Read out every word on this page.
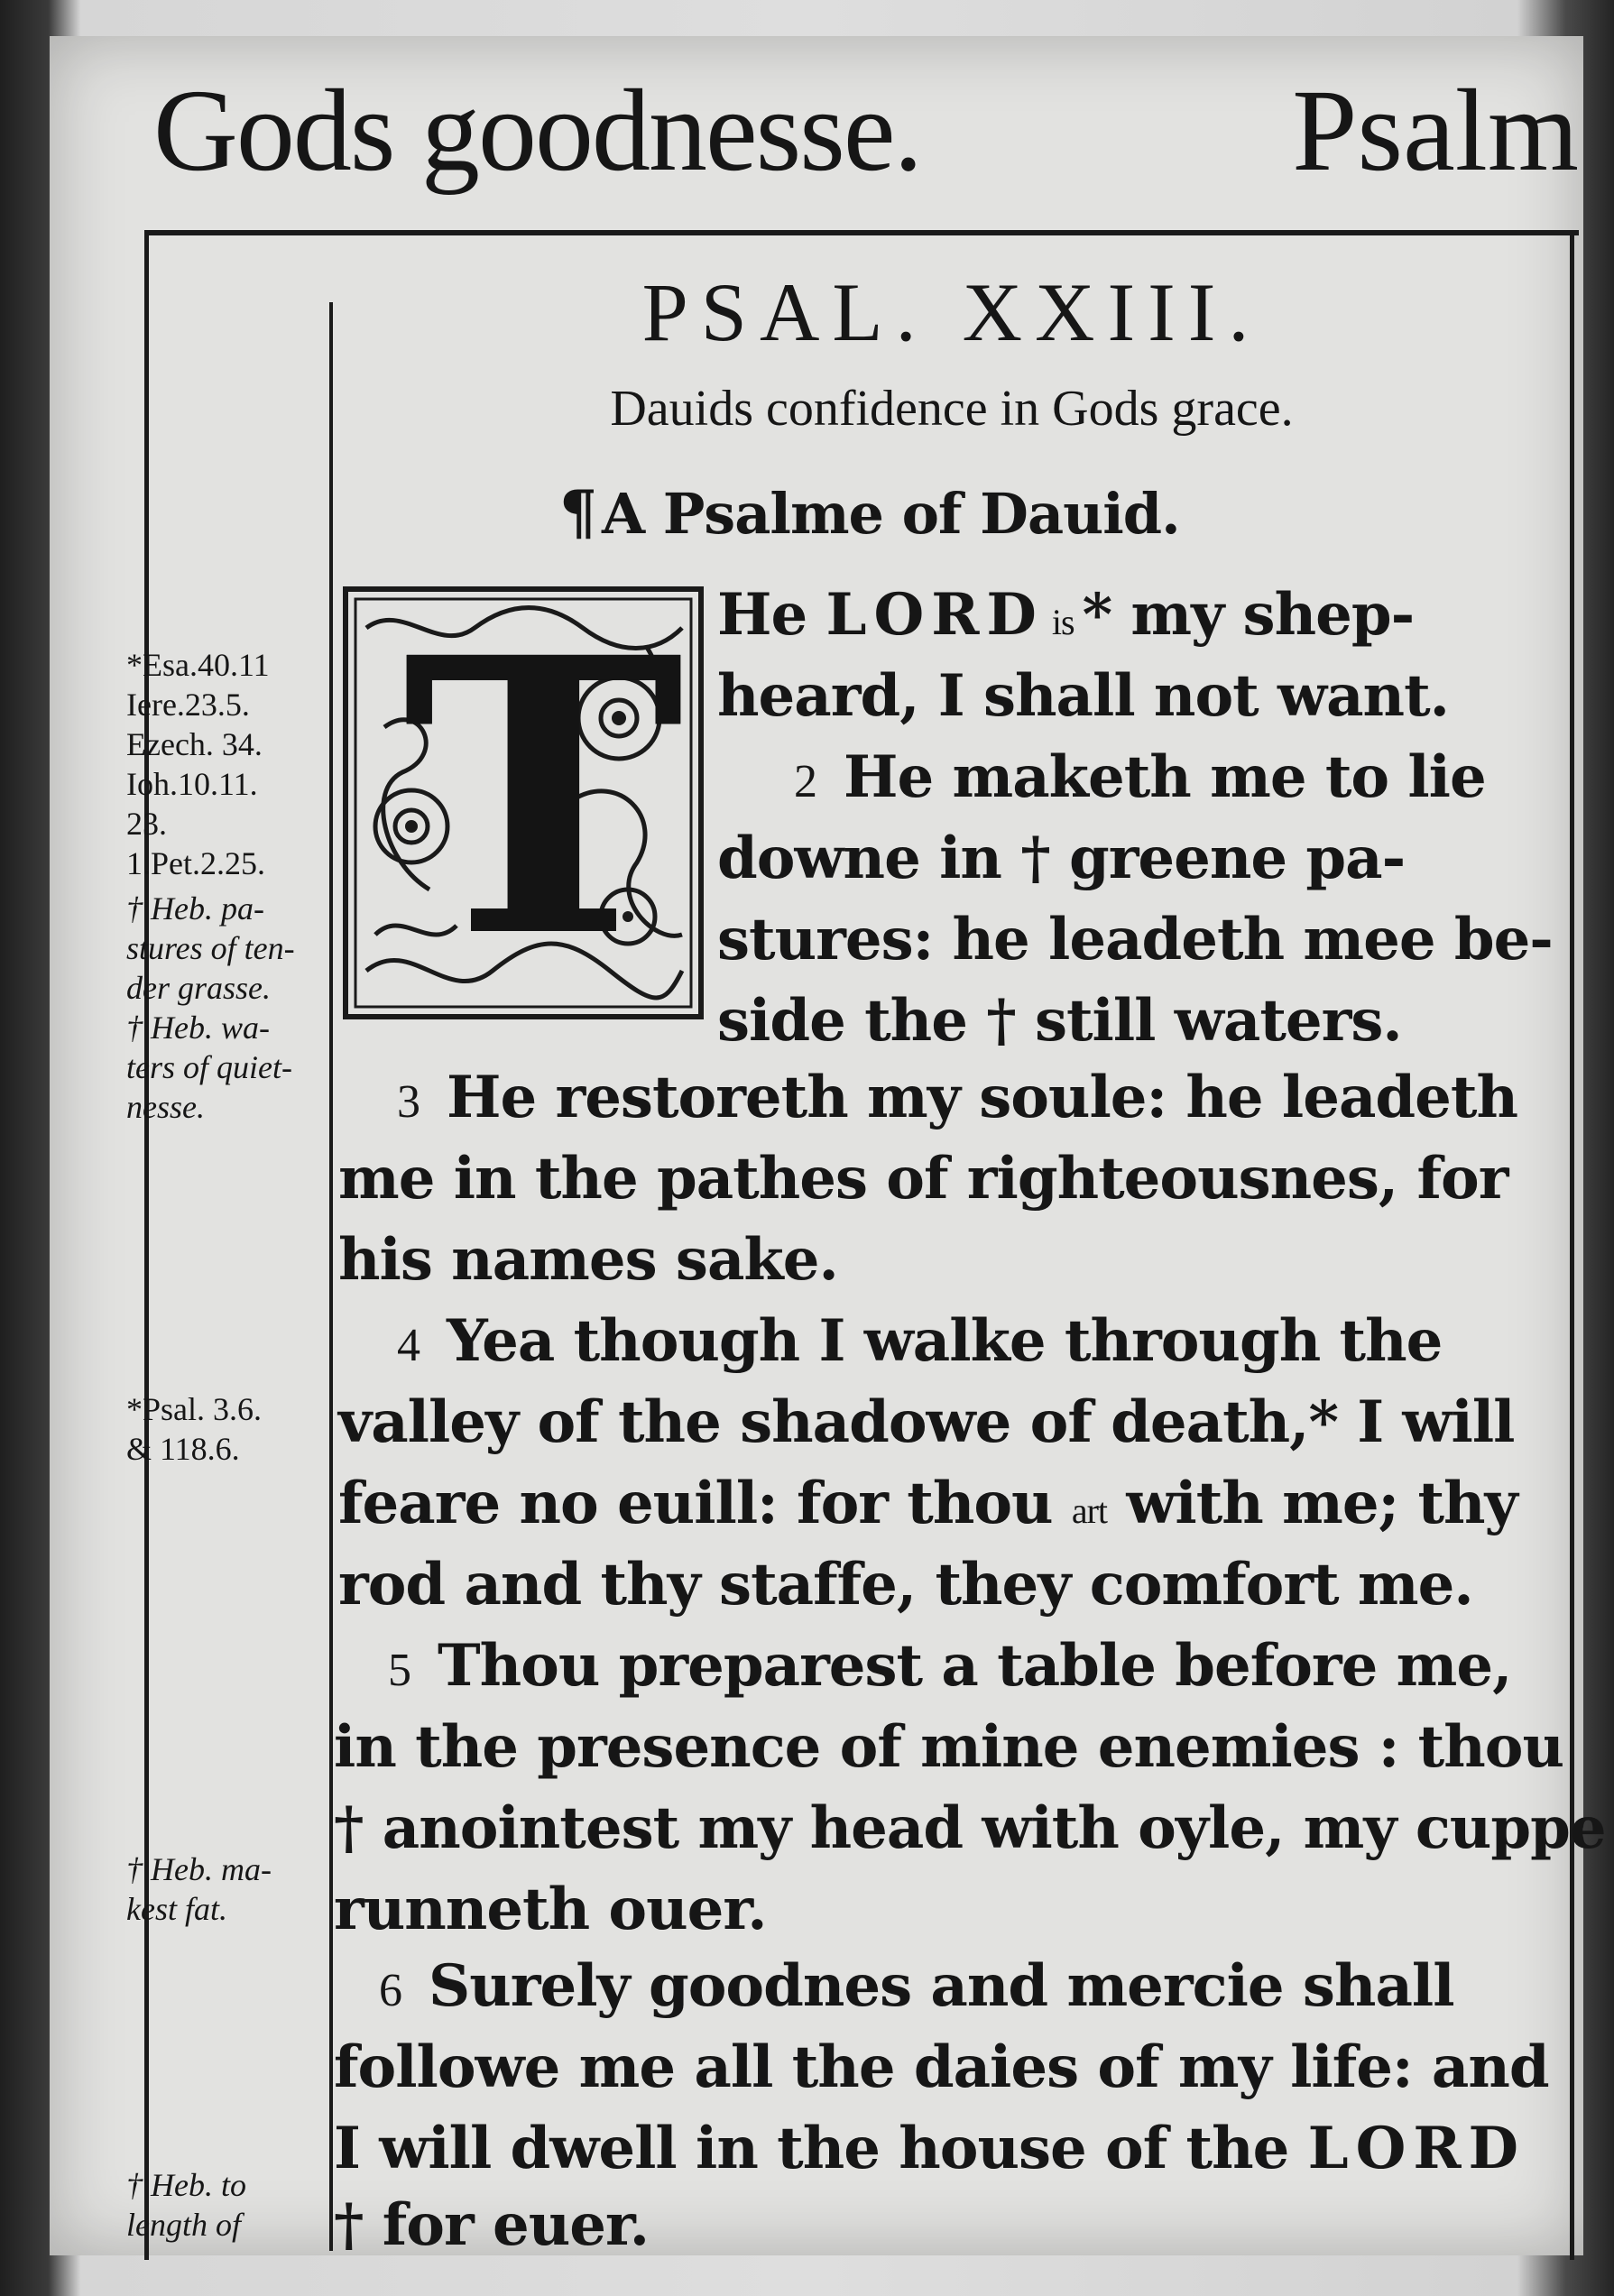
Gods goodnesse.	Psalm
PSAL. XXIII.
Dauids confidence in Gods grace.
¶A Psalme of Dauid.
T He LORD is * my shep-
heard, I shall not want.
2 He maketh me to lie
downe in † greene pa-
stures: he leadeth mee be-
side the † still waters.
3 He restoreth my soule: he leadeth
me in the pathes of righteousnes, for
his names sake.
4 Yea though I walke through the
valley of the shadowe of death,* I will
feare no euill: for thou art with me; thy
rod and thy staffe, they comfort me.
5 Thou preparest a table before me,
in the presence of mine enemies : thou
† anointest my head with oyle, my cuppe
runneth ouer.
6 Surely goodnes and mercie shall
followe me all the daies of my life: and
I will dwell in the house of the LORD
† for euer.
*Esa.40.11
Iere.23.5.
Ezech. 34.
Ioh.10.11.
23.
1.Pet.2.25.
† Heb. pa-
stures of ten-
der grasse.
† Heb. wa-
ters of quiet-
nesse.
*Psal. 3.6.
& 118.6.
† Heb. ma-
kest fat.
† Heb. to
length of
